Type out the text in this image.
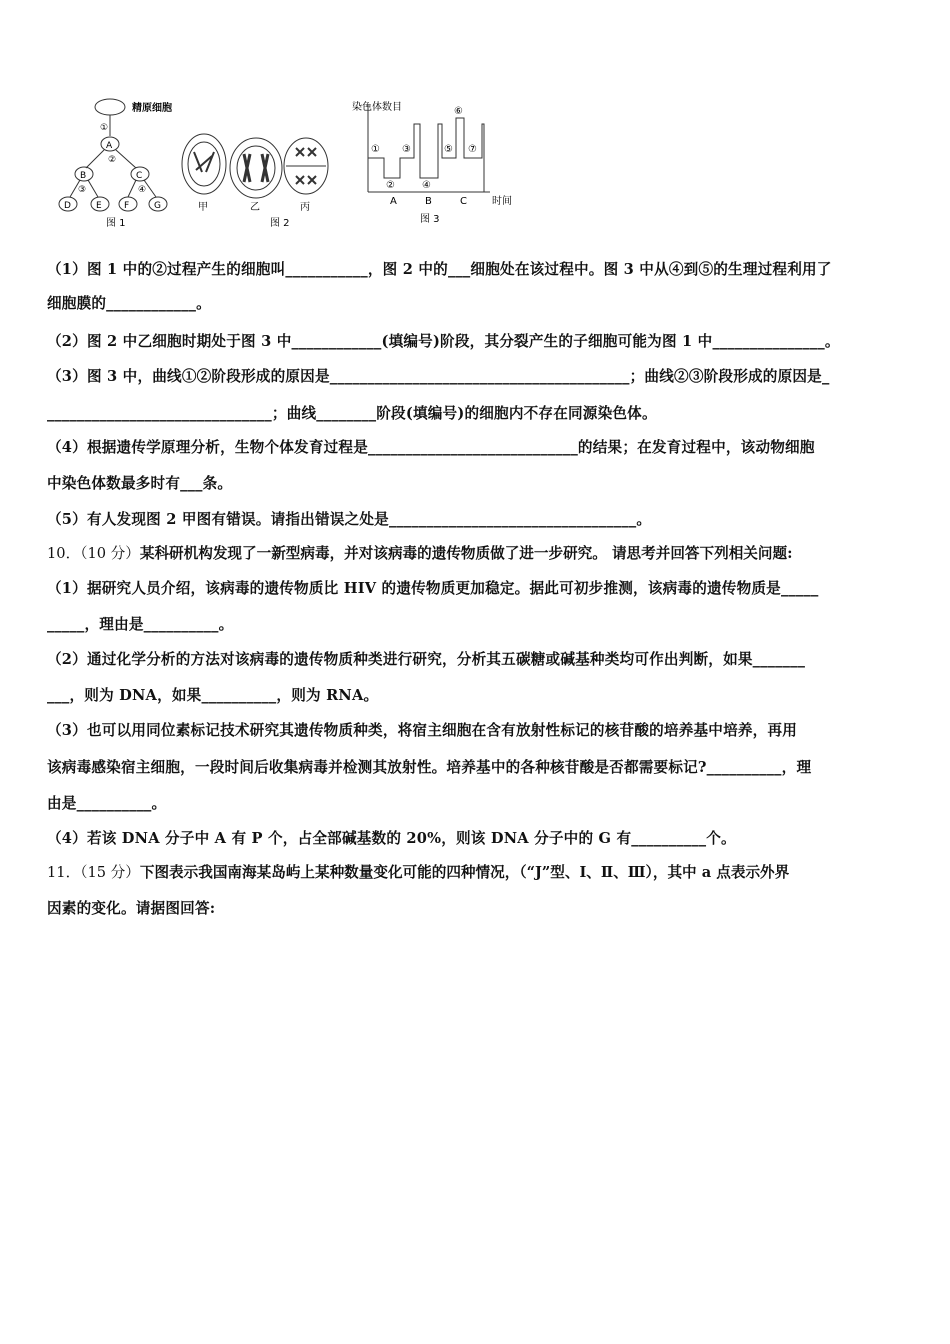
精原细胞
①
A
②
B	C
③	④
D	E F	G
图 1
甲	乙	丙
图 2
染色体数目
①
②
③
④
⑤
⑥
⑦
A	B	C	时间
图 3
（1）图 1 中的②过程产生的细胞叫___________，图 2 中的___细胞处在该过程中。图 3 中从④到⑤的生理过程利用了
细胞膜的____________。
（2）图 2 中乙细胞时期处于图 3 中____________(填编号)阶段，其分裂产生的子细胞可能为图 1 中_______________。
（3）图 3 中，曲线①②阶段形成的原因是________________________________________；曲线②③阶段形成的原因是_
______________________________；曲线________阶段(填编号)的细胞内不存在同源染色体。
（4）根据遗传学原理分析，生物个体发育过程是____________________________的结果；在发育过程中，该动物细胞
中染色体数最多时有___条。
（5）有人发现图 2 甲图有错误。请指出错误之处是_________________________________。
10．（10 分）某科研机构发现了一新型病毒，并对该病毒的遗传物质做了进一步研究。 请思考并回答下列相关问题:
（1）据研究人员介绍，该病毒的遗传物质比 HIV 的遗传物质更加稳定。据此可初步推测，该病毒的遗传物质是_____
_____，理由是__________。
（2）通过化学分析的方法对该病毒的遗传物质种类进行研究，分析其五碳糖或碱基种类均可作出判断，如果_______
___，则为 DNA，如果__________，则为 RNA。
（3）也可以用同位素标记技术研究其遗传物质种类，将宿主细胞在含有放射性标记的核苷酸的培养基中培养，再用
该病毒感染宿主细胞，一段时间后收集病毒并检测其放射性。培养基中的各种核苷酸是否都需要标记?__________，理
由是__________。
（4）若该 DNA 分子中 A 有 P 个，占全部碱基数的 20%，则该 DNA 分子中的 G 有__________个。
11．（15 分）下图表示我国南海某岛屿上某种数量变化可能的四种情况，（“J”型、Ⅰ、Ⅱ、Ⅲ），其中 a 点表示外界
因素的变化。请据图回答:
